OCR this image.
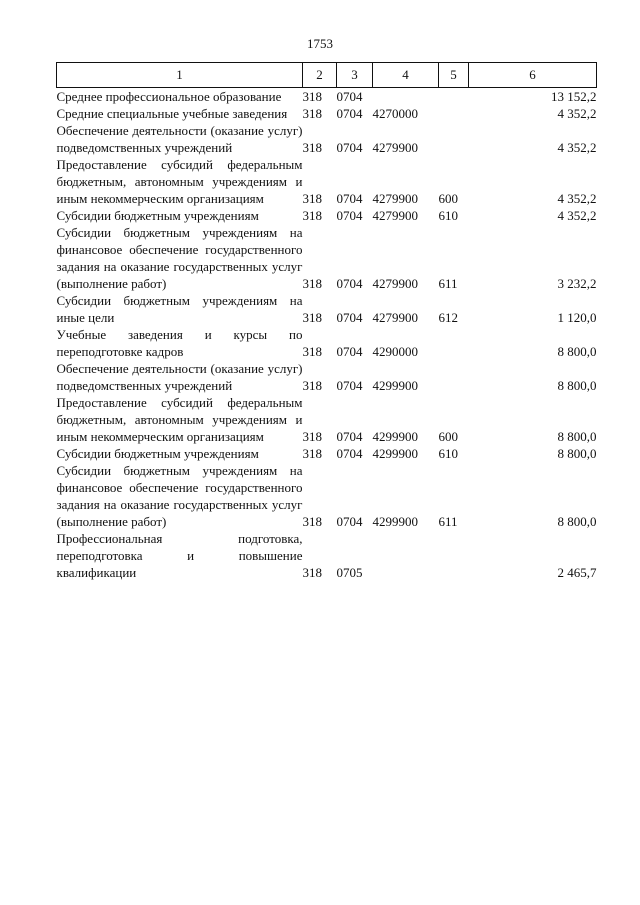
1753
1	2	3	4	5	6
Среднее профессиональное образование	318	0704			13 152,2
Средние специальные учебные заведения	318	0704	4270000		4 352,2
Обеспечение деятельности (оказание услуг) подведомственных учреждений	318	0704	4279900		4 352,2
Предоставление субсидий федеральным бюджетным, автономным учреждениям и иным некоммерческим организациям	318	0704	4279900	600	4 352,2
Субсидии бюджетным учреждениям	318	0704	4279900	610	4 352,2
Субсидии бюджетным учреждениям на финансовое обеспечение государственного задания на оказание государственных услуг (выполнение работ)	318	0704	4279900	611	3 232,2
Субсидии бюджетным учреждениям на иные цели	318	0704	4279900	612	1 120,0
Учебные заведения и курсы по переподготовке кадров	318	0704	4290000		8 800,0
Обеспечение деятельности (оказание услуг) подведомственных учреждений	318	0704	4299900		8 800,0
Предоставление субсидий федеральным бюджетным, автономным учреждениям и иным некоммерческим организациям	318	0704	4299900	600	8 800,0
Субсидии бюджетным учреждениям	318	0704	4299900	610	8 800,0
Субсидии бюджетным учреждениям на финансовое обеспечение государственного задания на оказание государственных услуг (выполнение работ)	318	0704	4299900	611	8 800,0
Профессиональная подготовка, переподготовка и повышение квалификации	318	0705			2 465,7
